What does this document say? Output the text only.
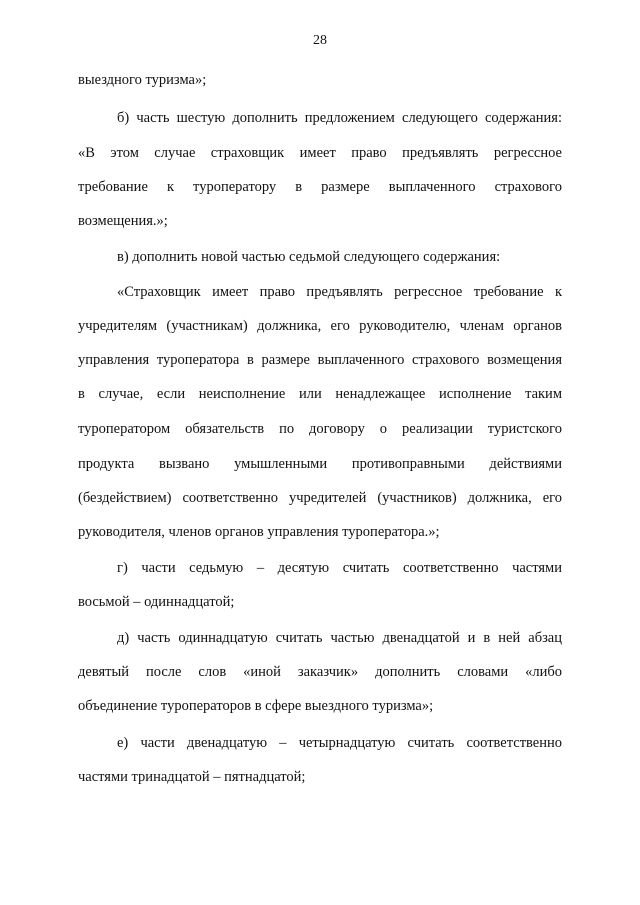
28
выездного туризма»;
б) часть шестую дополнить предложением следующего содержания:
«В этом случае страховщик имеет право предъявлять регрессное
требование к туроператору в размере выплаченного страхового
возмещения.»;
в) дополнить новой частью седьмой следующего содержания:
«Страховщик имеет право предъявлять регрессное требование к
учредителям (участникам) должника, его руководителю, членам органов
управления туроператора в размере выплаченного страхового возмещения
в случае, если неисполнение или ненадлежащее исполнение таким
туроператором обязательств по договору о реализации туристского
продукта вызвано умышленными противоправными действиями
(бездействием) соответственно учредителей (участников) должника, его
руководителя, членов органов управления туроператора.»;
г) части седьмую – десятую считать соответственно частями
восьмой – одиннадцатой;
д) часть одиннадцатую считать частью двенадцатой и в ней абзац
девятый после слов «иной заказчик» дополнить словами «либо
объединение туроператоров в сфере выездного туризма»;
е) части двенадцатую – четырнадцатую считать соответственно
частями тринадцатой – пятнадцатой;
